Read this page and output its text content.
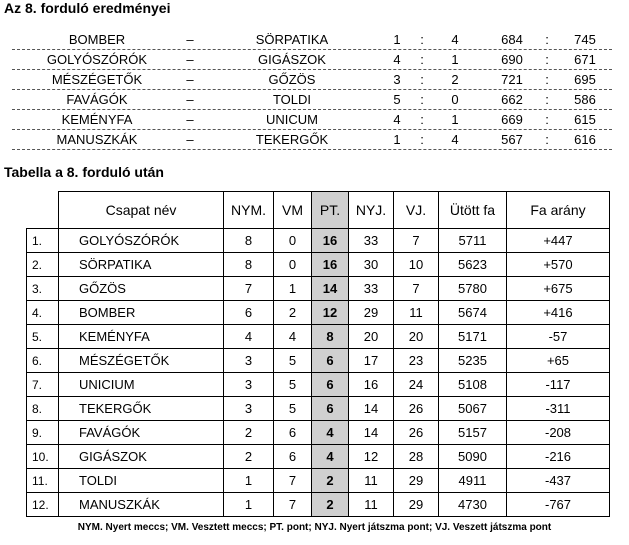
Az 8. forduló eredményei
BOMBER	–	SÖRPATIKA	1	:	4	684	:	745
GOLYÓSZÓRÓK	–	GIGÁSZOK	4	:	1	690	:	671
MÉSZÉGETŐK	–	GŐZÖS	3	:	2	721	:	695
FAVÁGÓK	–	TOLDI	5	:	0	662	:	586
KEMÉNYFA	–	UNICUM	4	:	1	669	:	615
MANUSZKÁK	–	TEKERGŐK	1	:	4	567	:	616
Tabella a 8. forduló után
	Csapat név	NYM.	VM	PT.	NYJ.	VJ.	Ütött fa	Fa arány
1.	GOLYÓSZÓRÓK	8	0	16	33	7	5711	+447
2.	SÖRPATIKA	8	0	16	30	10	5623	+570
3.	GŐZÖS	7	1	14	33	7	5780	+675
4.	BOMBER	6	2	12	29	11	5674	+416
5.	KEMÉNYFA	4	4	8	20	20	5171	-57
6.	MÉSZÉGETŐK	3	5	6	17	23	5235	+65
7.	UNICIUM	3	5	6	16	24	5108	-117
8.	TEKERGŐK	3	5	6	14	26	5067	-311
9.	FAVÁGÓK	2	6	4	14	26	5157	-208
10.	GIGÁSZOK	2	6	4	12	28	5090	-216
11.	TOLDI	1	7	2	11	29	4911	-437
12.	MANUSZKÁK	1	7	2	11	29	4730	-767
NYM. Nyert meccs; VM. Vesztett meccs; PT. pont; NYJ. Nyert játszma pont; VJ. Veszett játszma pont
